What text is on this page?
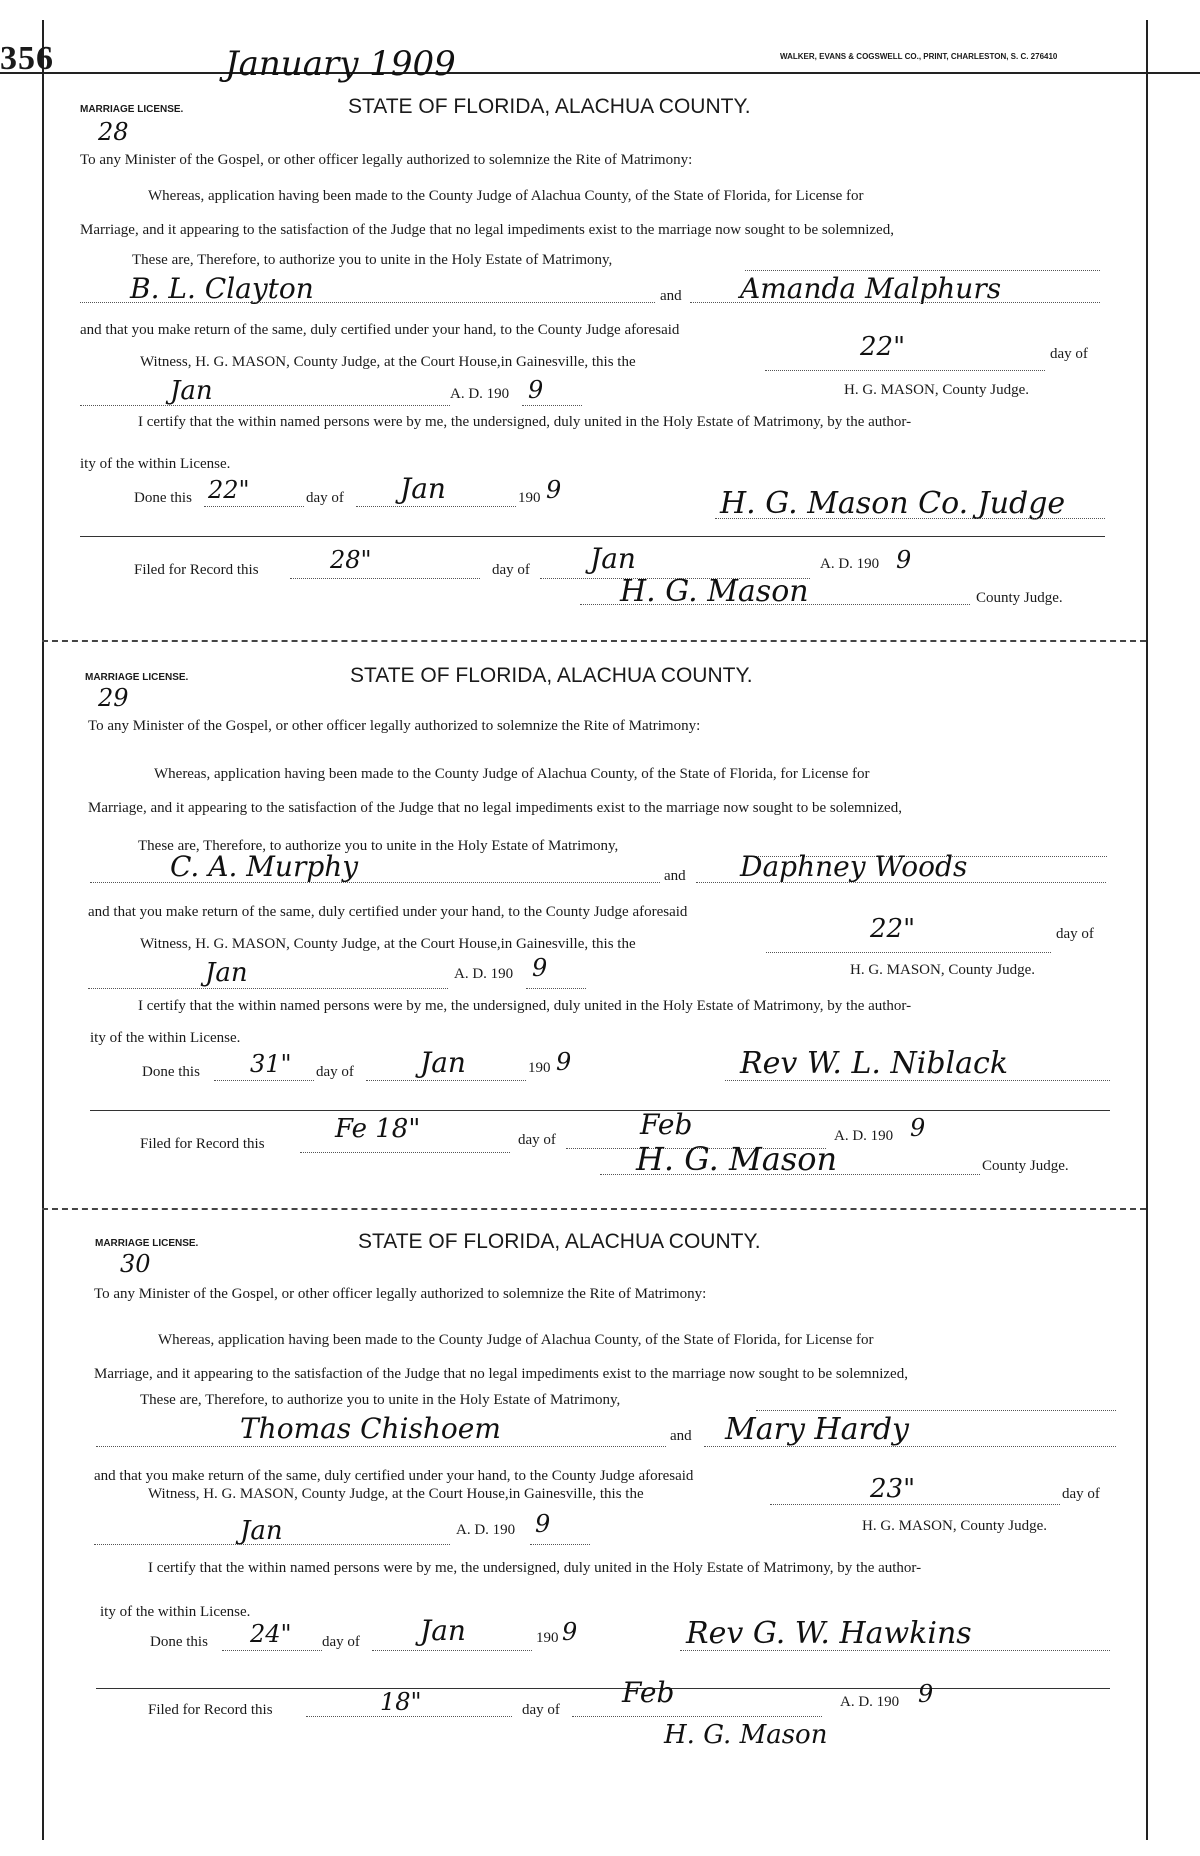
356	January 1909	WALKER, EVANS & COGSWELL CO., PRINT, CHARLESTON, S. C. 276410
MARRIAGE LICENSE.
28
STATE OF FLORIDA, ALACHUA COUNTY.
To any Minister of the Gospel, or other officer legally authorized to solemnize the Rite of Matrimony:
Whereas, application having been made to the County Judge of Alachua County, of the State of Florida, for License for
Marriage, and it appearing to the satisfaction of the Judge that no legal impediments exist to the marriage now sought to be solemnized,
These are, Therefore, to authorize you to unite in the Holy Estate of Matrimony,
B. L. Clayton	and Amanda Malphurs
and that you make return of the same, duly certified under your hand, to the County Judge aforesaid
Witness, H. G. MASON, County Judge, at the Court House,in Gainesville, this the	22"	day of
Jan	A. D. 190 9	H. G. MASON, County Judge.
I certify that the within named persons were by me, the undersigned, duly united in the Holy Estate of Matrimony, by the author-
ity of the within License.
Done this 22"	day of Jan	190 9	H. G. Mason Co. Judge
Filed for Record this	28"	day of Jan	A. D. 190 9
H. G. Mason	County Judge.
MARRIAGE LICENSE.
29
STATE OF FLORIDA, ALACHUA COUNTY.
To any Minister of the Gospel, or other officer legally authorized to solemnize the Rite of Matrimony:
Whereas, application having been made to the County Judge of Alachua County, of the State of Florida, for License for
Marriage, and it appearing to the satisfaction of the Judge that no legal impediments exist to the marriage now sought to be solemnized,
These are, Therefore, to authorize you to unite in the Holy Estate of Matrimony,
C. A. Murphy	and Daphney Woods
and that you make return of the same, duly certified under your hand, to the County Judge aforesaid
Witness, H. G. MASON, County Judge, at the Court House,in Gainesville, this the	22"	day of
Jan	A. D. 190 9	H. G. MASON, County Judge.
I certify that the within named persons were by me, the undersigned, duly united in the Holy Estate of Matrimony, by the author-
ity of the within License.
Done this 31" day of Jan	190 9	Rev W. L. Niblack
Filed for Record this	Fe 18"	day of	Feb	A. D. 190 9
H. G. Mason	County Judge.
MARRIAGE LICENSE.
30
STATE OF FLORIDA, ALACHUA COUNTY.
To any Minister of the Gospel, or other officer legally authorized to solemnize the Rite of Matrimony:
Whereas, application having been made to the County Judge of Alachua County, of the State of Florida, for License for
Marriage, and it appearing to the satisfaction of the Judge that no legal impediments exist to the marriage now sought to be solemnized,
These are, Therefore, to authorize you to unite in the Holy Estate of Matrimony,
Thomas Chishoem	and Mary Hardy
and that you make return of the same, duly certified under your hand, to the County Judge aforesaid
Witness, H. G. MASON, County Judge, at the Court House,in Gainesville, this the	23"	day of
Jan	A. D. 190 9	H. G. MASON, County Judge.
I certify that the within named persons were by me, the undersigned, duly united in the Holy Estate of Matrimony, by the author-
ity of the within License.
Done this 24" day of Jan	190 9	Rev G. W. Hawkins
Filed for Record this	18"	day of
Feb	A. D. 190 9
H. G. Mason
